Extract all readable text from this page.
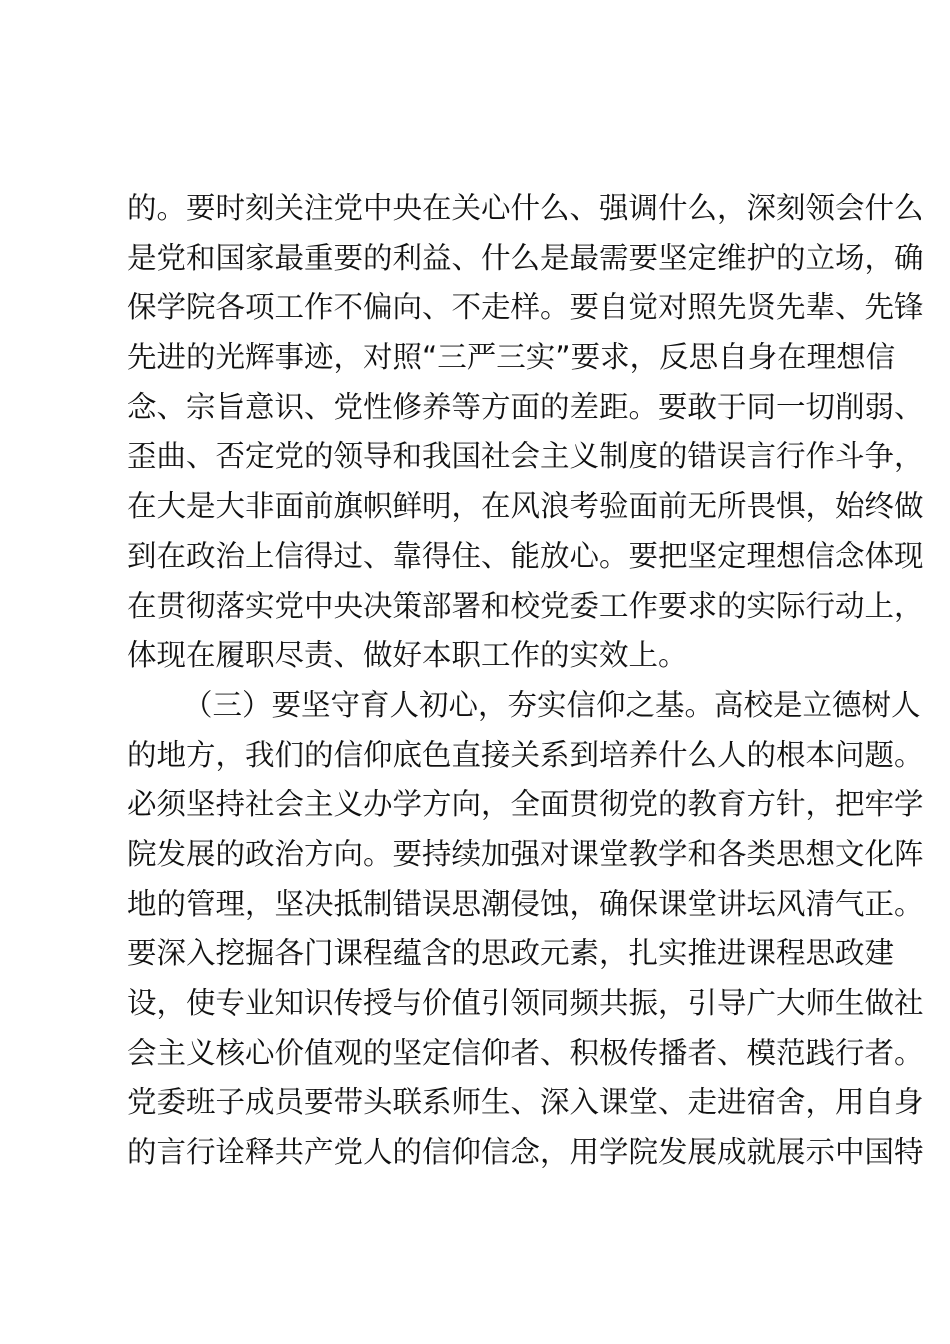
的。要时刻关注党中央在关心什么、强调什么，深刻领会什么
是党和国家最重要的利益、什么是最需要坚定维护的立场，确
保学院各项工作不偏向、不走样。要自觉对照先贤先辈、先锋
先进的光辉事迹，对照“三严三实”要求，反思自身在理想信
念、宗旨意识、党性修养等方面的差距。要敢于同一切削弱、
歪曲、否定党的领导和我国社会主义制度的错误言行作斗争，
在大是大非面前旗帜鲜明，在风浪考验面前无所畏惧，始终做
到在政治上信得过、靠得住、能放心。要把坚定理想信念体现
在贯彻落实党中央决策部署和校党委工作要求的实际行动上，
体现在履职尽责、做好本职工作的实效上。
（三）要坚守育人初心，夯实信仰之基。高校是立德树人
的地方，我们的信仰底色直接关系到培养什么人的根本问题。
必须坚持社会主义办学方向，全面贯彻党的教育方针，把牢学
院发展的政治方向。要持续加强对课堂教学和各类思想文化阵
地的管理，坚决抵制错误思潮侵蚀，确保课堂讲坛风清气正。
要深入挖掘各门课程蕴含的思政元素，扎实推进课程思政建
设，使专业知识传授与价值引领同频共振，引导广大师生做社
会主义核心价值观的坚定信仰者、积极传播者、模范践行者。
党委班子成员要带头联系师生、深入课堂、走进宿舍，用自身
的言行诠释共产党人的信仰信念，用学院发展成就展示中国特
